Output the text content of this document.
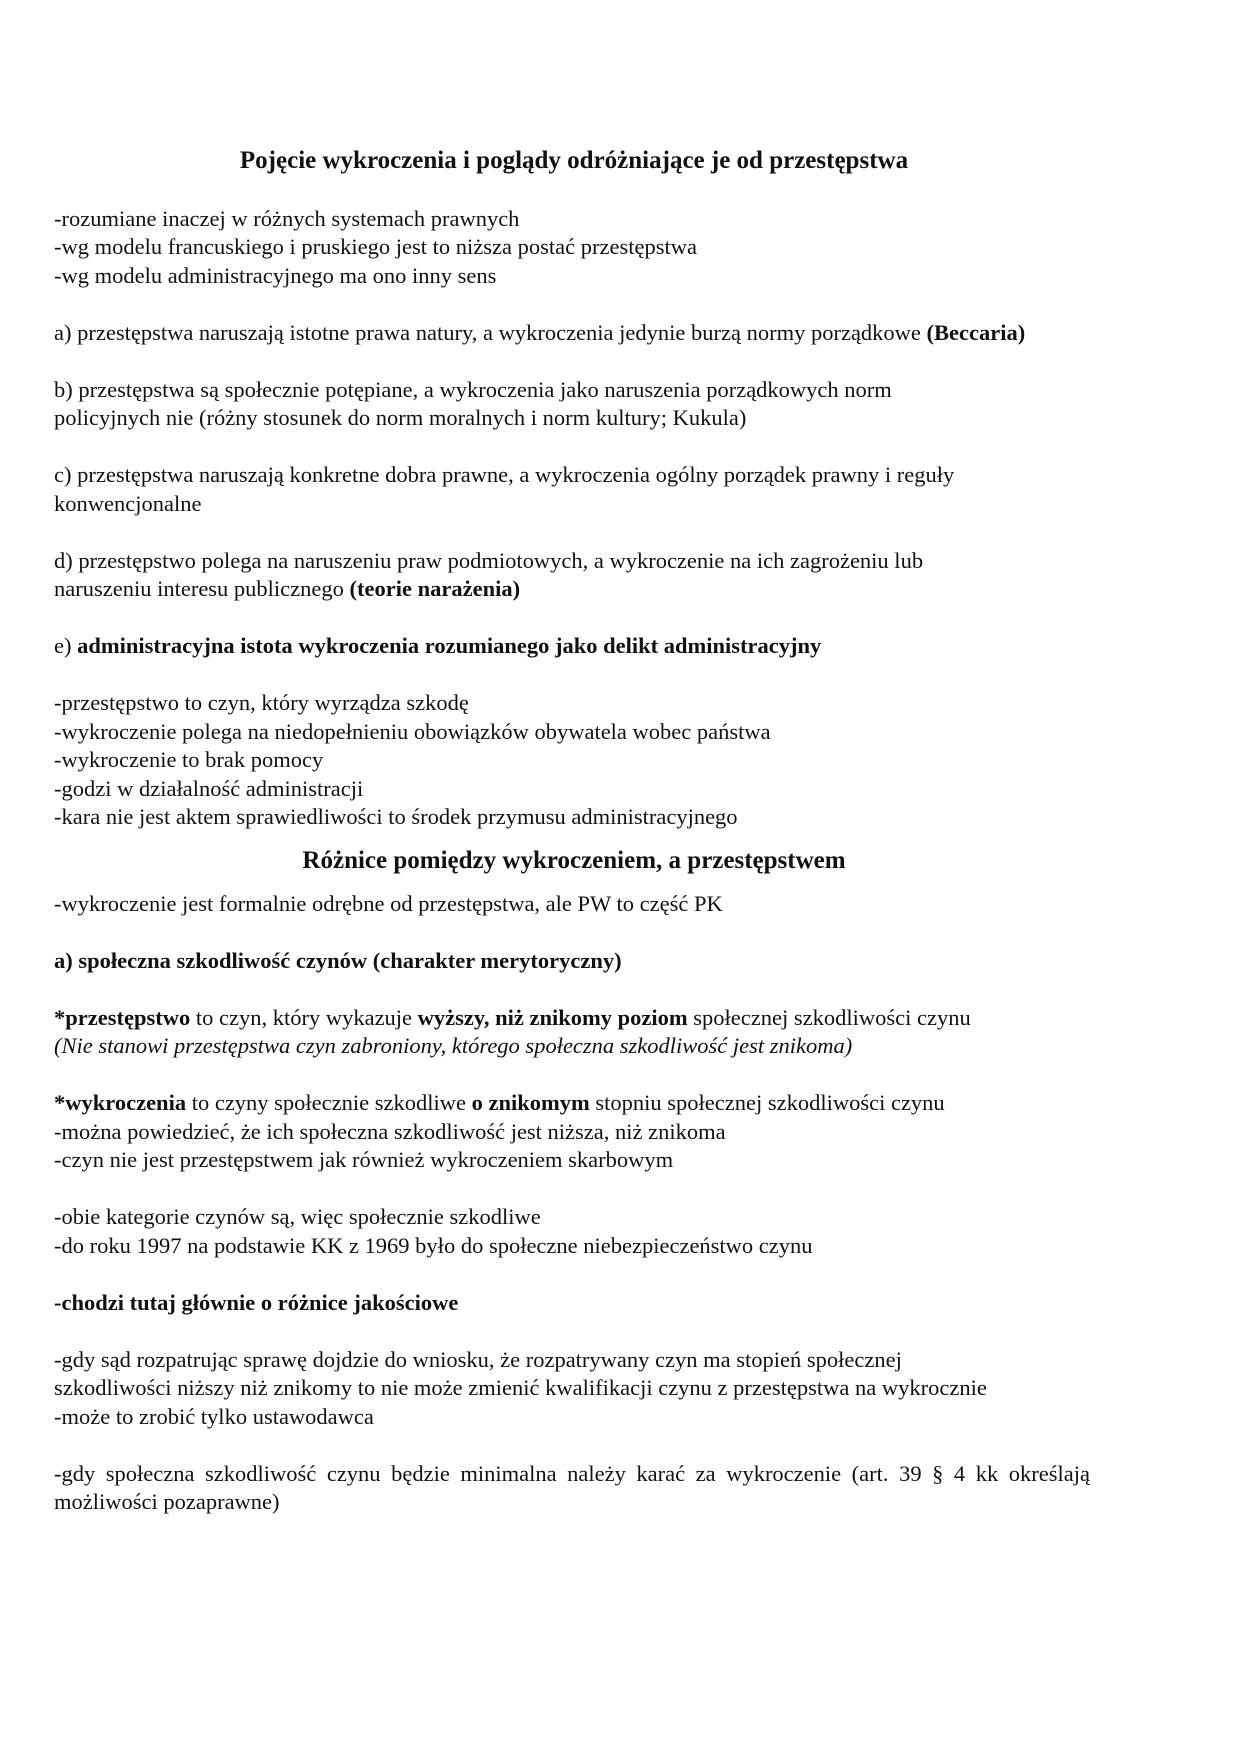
Pojęcie wykroczenia i poglądy odróżniające je od przestępstwa
-rozumiane inaczej w różnych systemach prawnych
-wg modelu francuskiego i pruskiego jest to niższa postać przestępstwa
-wg modelu administracyjnego ma ono inny sens
a) przestępstwa naruszają istotne prawa natury, a wykroczenia jedynie burzą normy porządkowe (Beccaria)
b) przestępstwa są społecznie potępiane, a wykroczenia jako naruszenia porządkowych norm
policyjnych nie (różny stosunek do norm moralnych i norm kultury; Kukula)
c) przestępstwa naruszają konkretne dobra prawne, a wykroczenia ogólny porządek prawny i reguły
konwencjonalne
d) przestępstwo polega na naruszeniu praw podmiotowych, a wykroczenie na ich zagrożeniu lub
naruszeniu interesu publicznego (teorie narażenia)
e) administracyjna istota wykroczenia rozumianego jako delikt administracyjny
-przestępstwo to czyn, który wyrządza szkodę
-wykroczenie polega na niedopełnieniu obowiązków obywatela wobec państwa
-wykroczenie to brak pomocy
-godzi w działalność administracji
-kara nie jest aktem sprawiedliwości to środek przymusu administracyjnego
Różnice pomiędzy wykroczeniem, a przestępstwem
-wykroczenie jest formalnie odrębne od przestępstwa, ale PW to część PK
a) społeczna szkodliwość czynów (charakter merytoryczny)
*przestępstwo to czyn, który wykazuje wyższy, niż znikomy poziom społecznej szkodliwości czynu
(Nie stanowi przestępstwa czyn zabroniony, którego społeczna szkodliwość jest znikoma)
*wykroczenia to czyny społecznie szkodliwe o znikomym stopniu społecznej szkodliwości czynu
-można powiedzieć, że ich społeczna szkodliwość jest niższa, niż znikoma
-czyn nie jest przestępstwem jak również wykroczeniem skarbowym
-obie kategorie czynów są, więc społecznie szkodliwe
-do roku 1997 na podstawie KK z 1969 było do społeczne niebezpieczeństwo czynu
-chodzi tutaj głównie o różnice jakościowe
-gdy sąd rozpatrując sprawę dojdzie do wniosku, że rozpatrywany czyn ma stopień społecznej
szkodliwości niższy niż znikomy to nie może zmienić kwalifikacji czynu z przestępstwa na wykrocznie
-może to zrobić tylko ustawodawca
-gdy społeczna szkodliwość czynu będzie minimalna należy karać za wykroczenie (art. 39 § 4 kk określają możliwości pozaprawne)
